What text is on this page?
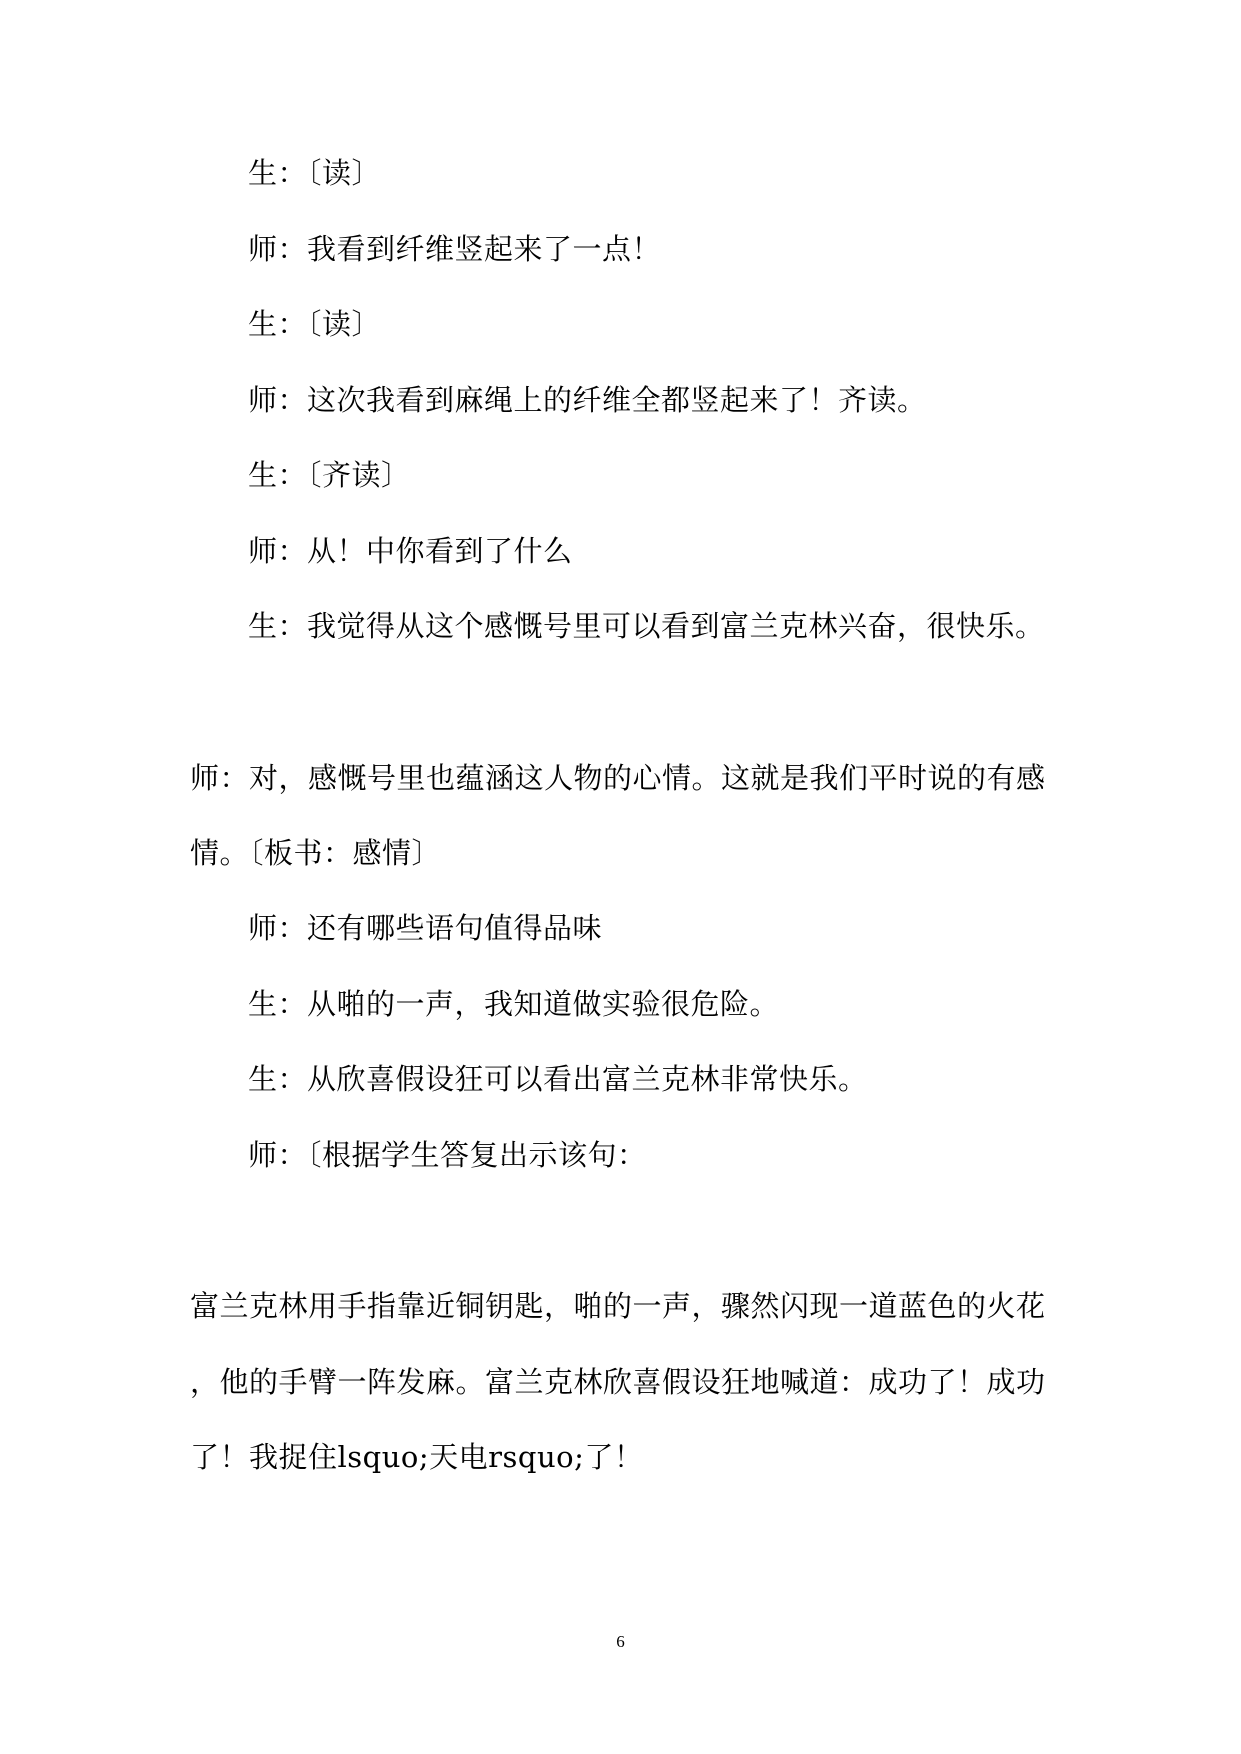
生：〔读〕
师：我看到纤维竖起来了一点！
生：〔读〕
师：这次我看到麻绳上的纤维全都竖起来了！齐读。
生：〔齐读〕
师：从！中你看到了什么
生：我觉得从这个感慨号里可以看到富兰克林兴奋，很快乐。
师：对，感慨号里也蕴涵这人物的心情。这就是我们平时说的有感
情。〔板书：感情〕
师：还有哪些语句值得品味
生：从啪的一声，我知道做实验很危险。
生：从欣喜假设狂可以看出富兰克林非常快乐。
师：〔根据学生答复出示该句：
富兰克林用手指靠近铜钥匙，啪的一声，骤然闪现一道蓝色的火花
，他的手臂一阵发麻。富兰克林欣喜假设狂地喊道：成功了！成功
了！我捉住lsquo;天电rsquo;了！
6
